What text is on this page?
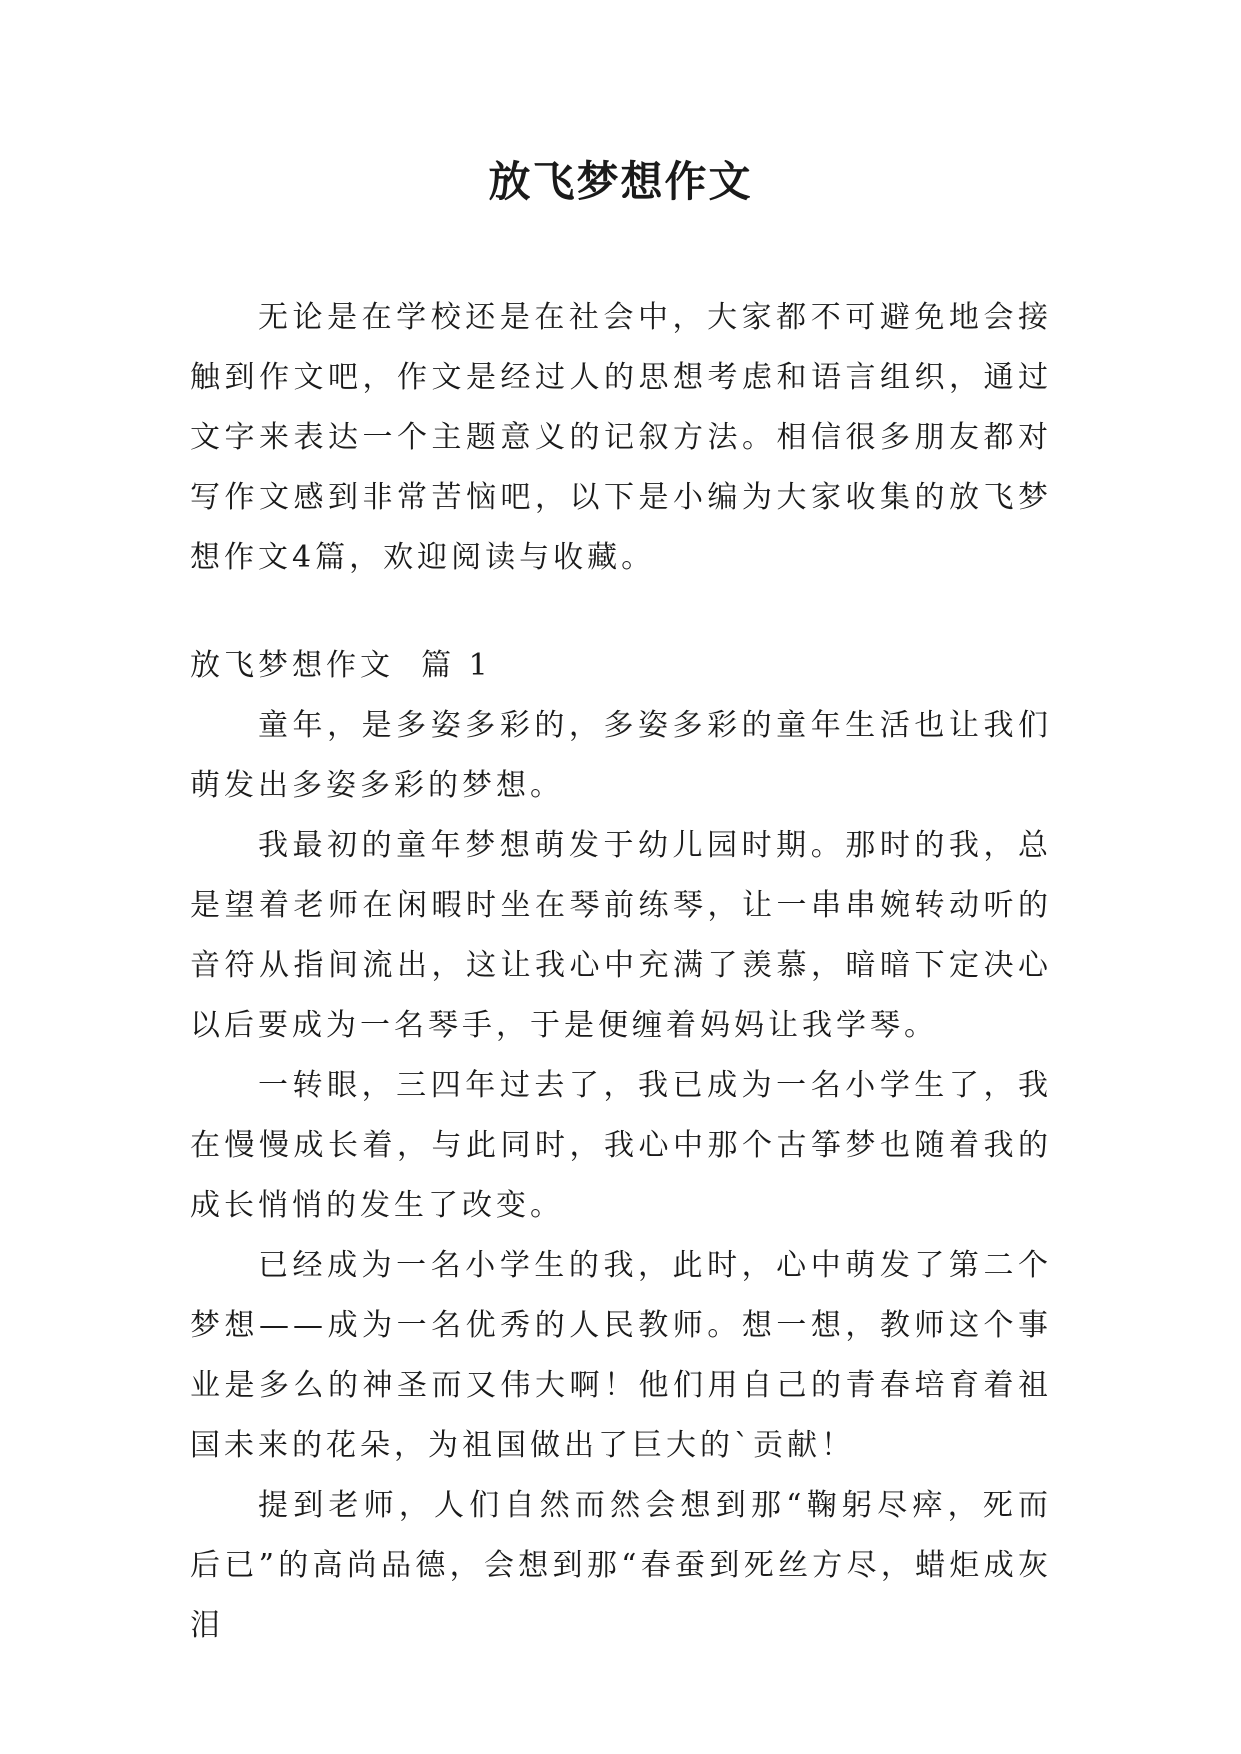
放飞梦想作文

无论是在学校还是在社会中，大家都不可避免地会接触到作文吧，作文是经过人的思想考虑和语言组织，通过文字来表达一个主题意义的记叙方法。相信很多朋友都对写作文感到非常苦恼吧，以下是小编为大家收集的放飞梦想作文4篇，欢迎阅读与收藏。

放飞梦想作文  篇 1

童年，是多姿多彩的，多姿多彩的童年生活也让我们萌发出多姿多彩的梦想。

我最初的童年梦想萌发于幼儿园时期。那时的我，总是望着老师在闲暇时坐在琴前练琴，让一串串婉转动听的音符从指间流出，这让我心中充满了羡慕，暗暗下定决心以后要成为一名琴手，于是便缠着妈妈让我学琴。

一转眼，三四年过去了，我已成为一名小学生了，我在慢慢成长着，与此同时，我心中那个古筝梦也随着我的成长悄悄的发生了改变。

已经成为一名小学生的我，此时，心中萌发了第二个梦想——成为一名优秀的人民教师。想一想，教师这个事业是多么的神圣而又伟大啊！他们用自己的青春培育着祖国未来的花朵，为祖国做出了巨大的`贡献！

提到老师，人们自然而然会想到那“鞠躬尽瘁，死而后已”的高尚品德，会想到那“春蚕到死丝方尽，蜡炬成灰泪
